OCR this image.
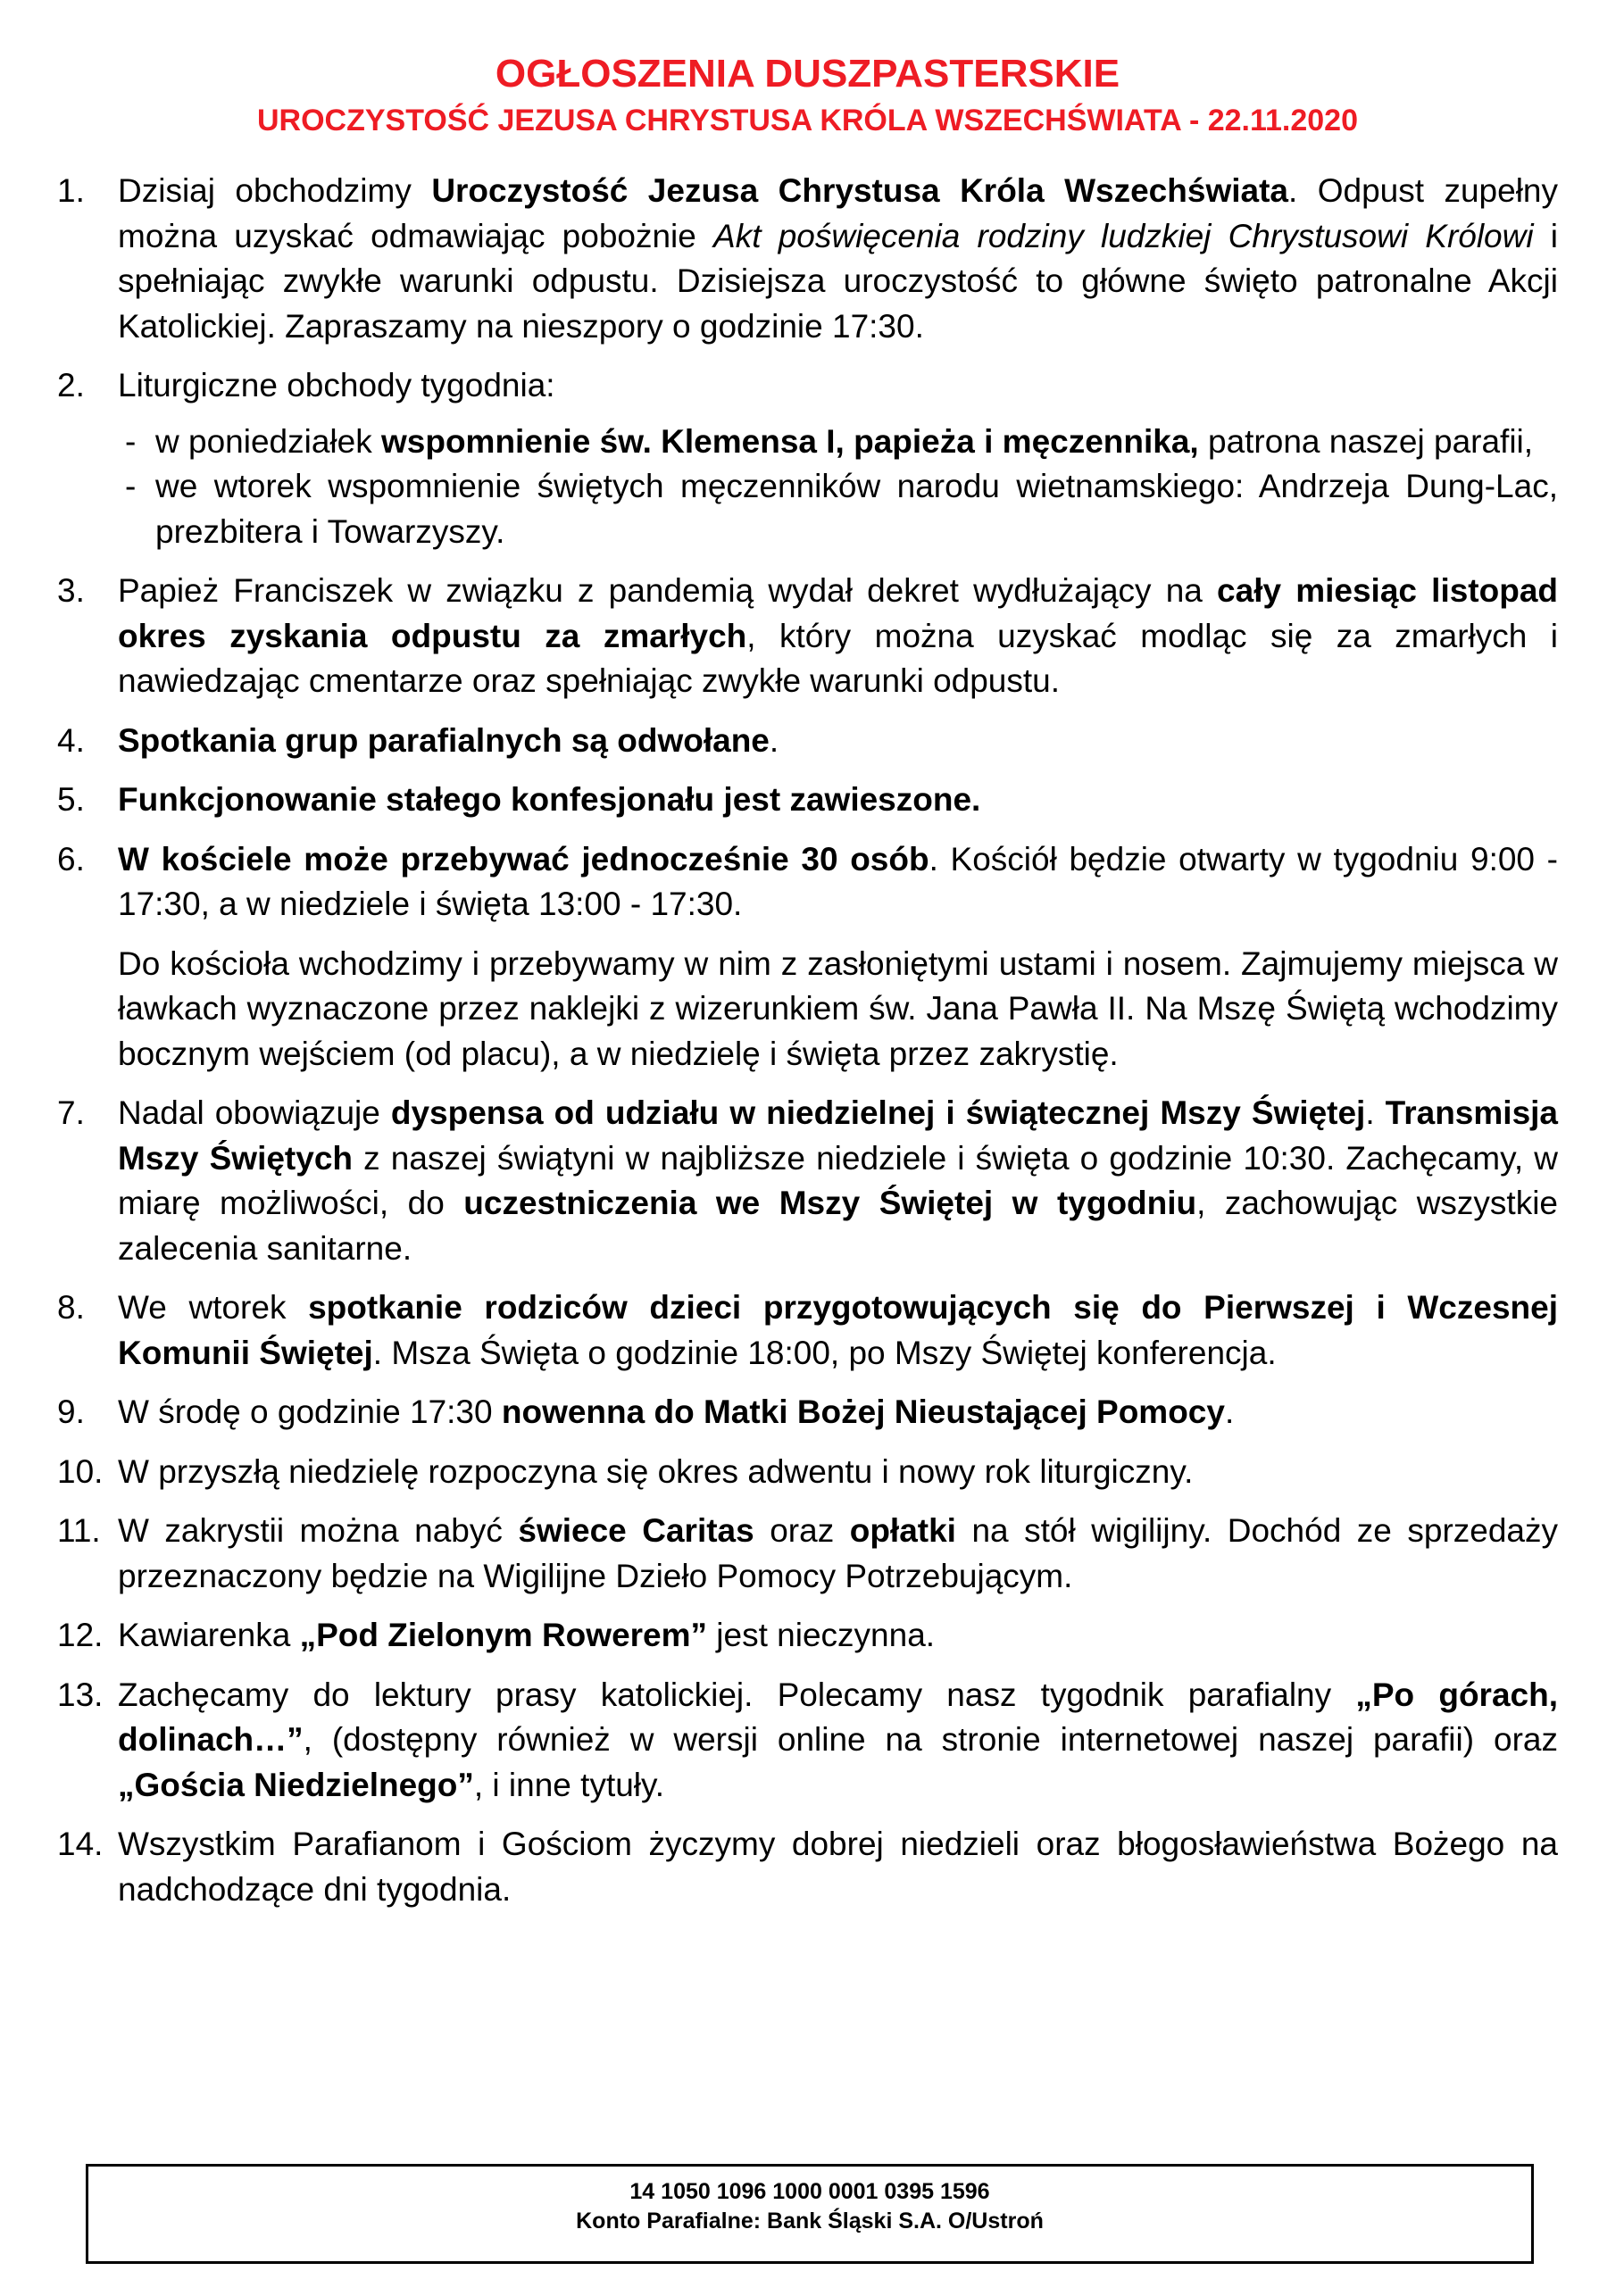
OGŁOSZENIA DUSZPASTERSKIE
UROCZYSTOŚĆ JEZUSA CHRYSTUSA KRÓLA WSZECHŚWIATA - 22.11.2020
1.	Dzisiaj obchodzimy Uroczystość Jezusa Chrystusa Króla Wszechświata. Odpust zupełny można uzyskać odmawiając pobożnie Akt poświęcenia rodziny ludzkiej Chrystusowi Królowi i spełniając zwykłe warunki odpustu. Dzisiejsza uroczystość to główne święto patronalne Akcji Katolickiej. Zapraszamy na nieszpory o godzinie 17:30.

2.	Liturgiczne obchody tygodnia:

- w poniedziałek wspomnienie św. Klemensa I, papieża i męczennika, patrona naszej parafii,
- we wtorek wspomnienie świętych męczenników narodu wietnamskiego: Andrzeja Dung-Lac, prezbitera i Towarzyszy.
3.	Papież Franciszek w związku z pandemią wydał dekret wydłużający na cały miesiąc listopad okres zyskania odpustu za zmarłych, który można uzyskać modląc się za zmarłych i nawiedzając cmentarze oraz spełniając zwykłe warunki odpustu.

4.	Spotkania grup parafialnych są odwołane.

5.	Funkcjonowanie stałego konfesjonału jest zawieszone.

6.	W kościele może przebywać jednocześnie 30 osób. Kościół będzie otwarty w tygodniu 9:00 - 17:30, a w niedziele i święta 13:00 - 17:30.

Do kościoła wchodzimy i przebywamy w nim z zasłoniętymi ustami i nosem. Zajmujemy miejsca w ławkach wyznaczone przez naklejki z wizerunkiem św. Jana Pawła II. Na Mszę Świętą wchodzimy bocznym wejściem (od placu), a w niedzielę i święta przez zakrystię.

7.	Nadal obowiązuje dyspensa od udziału w niedzielnej i świątecznej Mszy Świętej. Transmisja Mszy Świętych z naszej świątyni w najbliższe niedziele i święta o godzinie 10:30. Zachęcamy, w miarę możliwości, do uczestniczenia we Mszy Świętej w tygodniu, zachowując wszystkie zalecenia sanitarne.

8.	We wtorek spotkanie rodziców dzieci przygotowujących się do Pierwszej i Wczesnej Komunii Świętej. Msza Święta o godzinie 18:00, po Mszy Świętej konferencja.

9.	W środę o godzinie 17:30 nowenna do Matki Bożej Nieustającej Pomocy.

10. W przyszłą niedzielę rozpoczyna się okres adwentu i nowy rok liturgiczny.

11. W zakrystii można nabyć świece Caritas oraz opłatki na stół wigilijny. Dochód ze sprzedaży przeznaczony będzie na Wigilijne Dzieło Pomocy Potrzebującym.

12. Kawiarenka „Pod Zielonym Rowerem” jest nieczynna.

13. Zachęcamy do lektury prasy katolickiej. Polecamy nasz tygodnik parafialny „Po górach, dolinach…”, (dostępny również w wersji online na stronie internetowej naszej parafii) oraz „Gościa Niedzielnego”, i inne tytuły.

14. Wszystkim Parafianom i Gościom życzymy dobrej niedzieli oraz błogosławieństwa Bożego na nadchodzące dni tygodnia.

14 1050 1096 1000 0001 0395 1596
Konto Parafialne: Bank Śląski S.A. O/Ustroń
